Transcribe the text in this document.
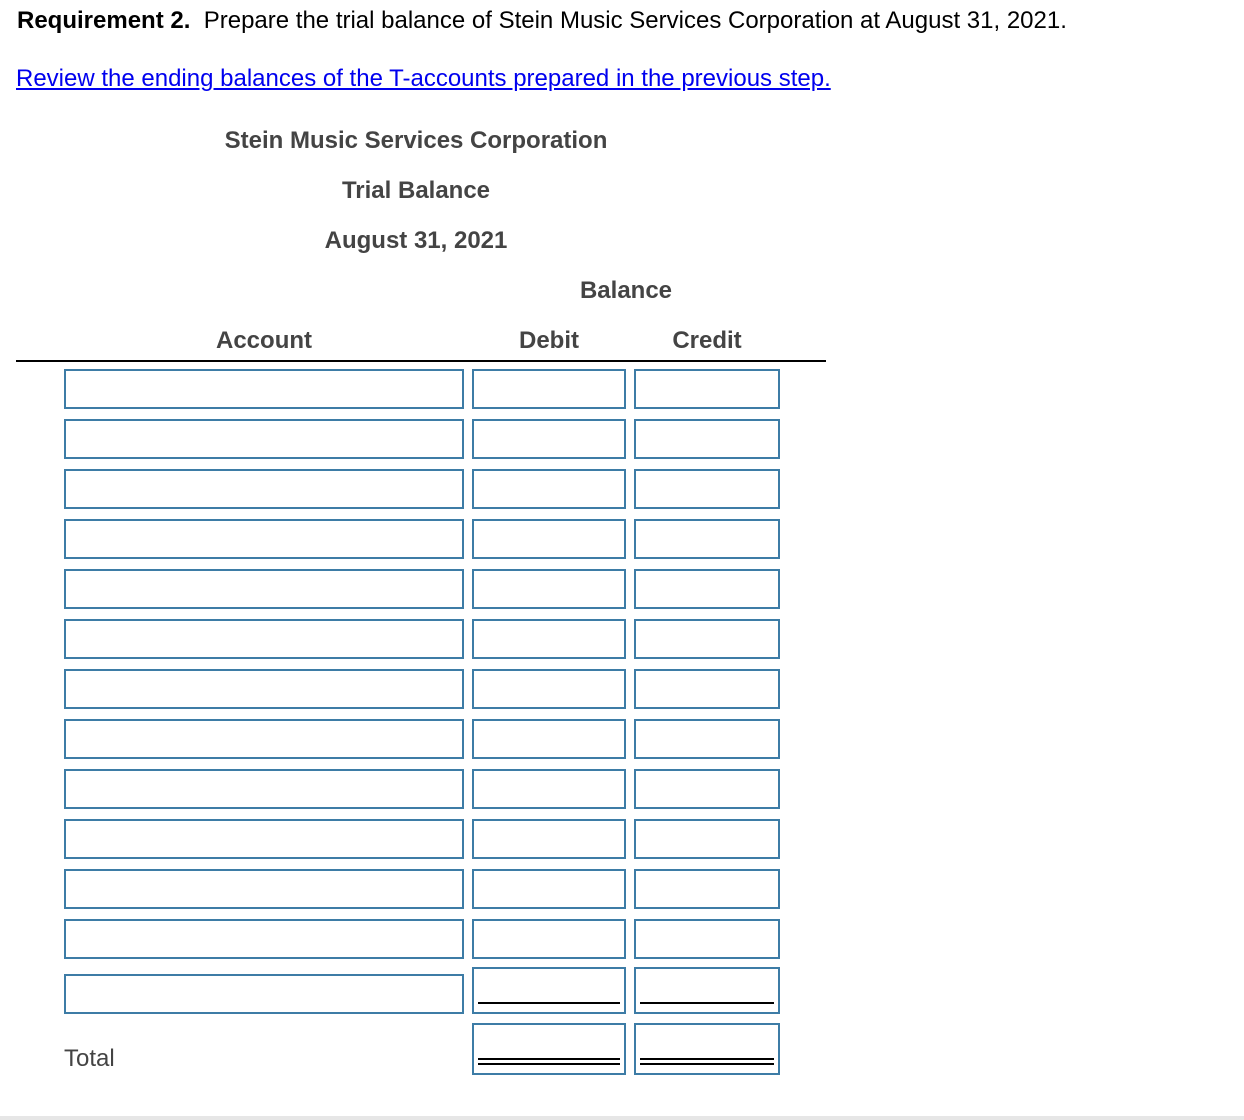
Requirement 2. Prepare the trial balance of Stein Music Services Corporation at August 31, 2021.
Review the ending balances of the T-accounts prepared in the previous step.
Stein Music Services Corporation
Trial Balance
August 31, 2021
Balance
Account	Debit	Credit
Total
